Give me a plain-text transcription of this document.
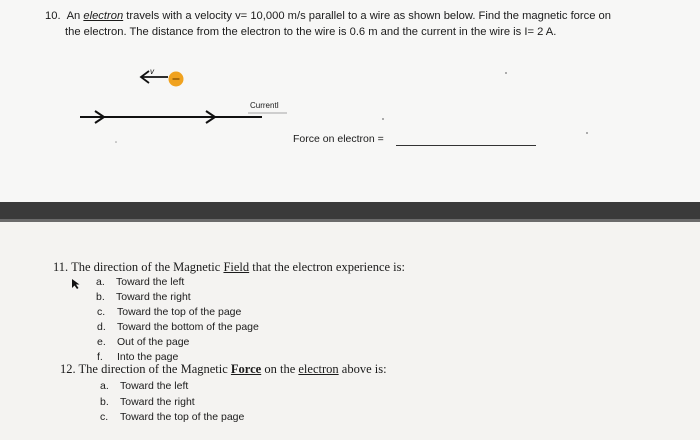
10. An electron travels with a velocity v= 10,000 m/s parallel to a wire as shown below. Find the magnetic force on
the electron. The distance from the electron to the wire is 0.6 m and the current in the wire is I= 2 A.
v
CurrentI
Force on electron =
11. The direction of the Magnetic Field that the electron experience is:
a. Toward the left
b. Toward the right
c. Toward the top of the page
d. Toward the bottom of the page
e. Out of the page
f. Into the page
12. The direction of the Magnetic Force on the electron above is:
a. Toward the left
b. Toward the right
c. Toward the top of the page
